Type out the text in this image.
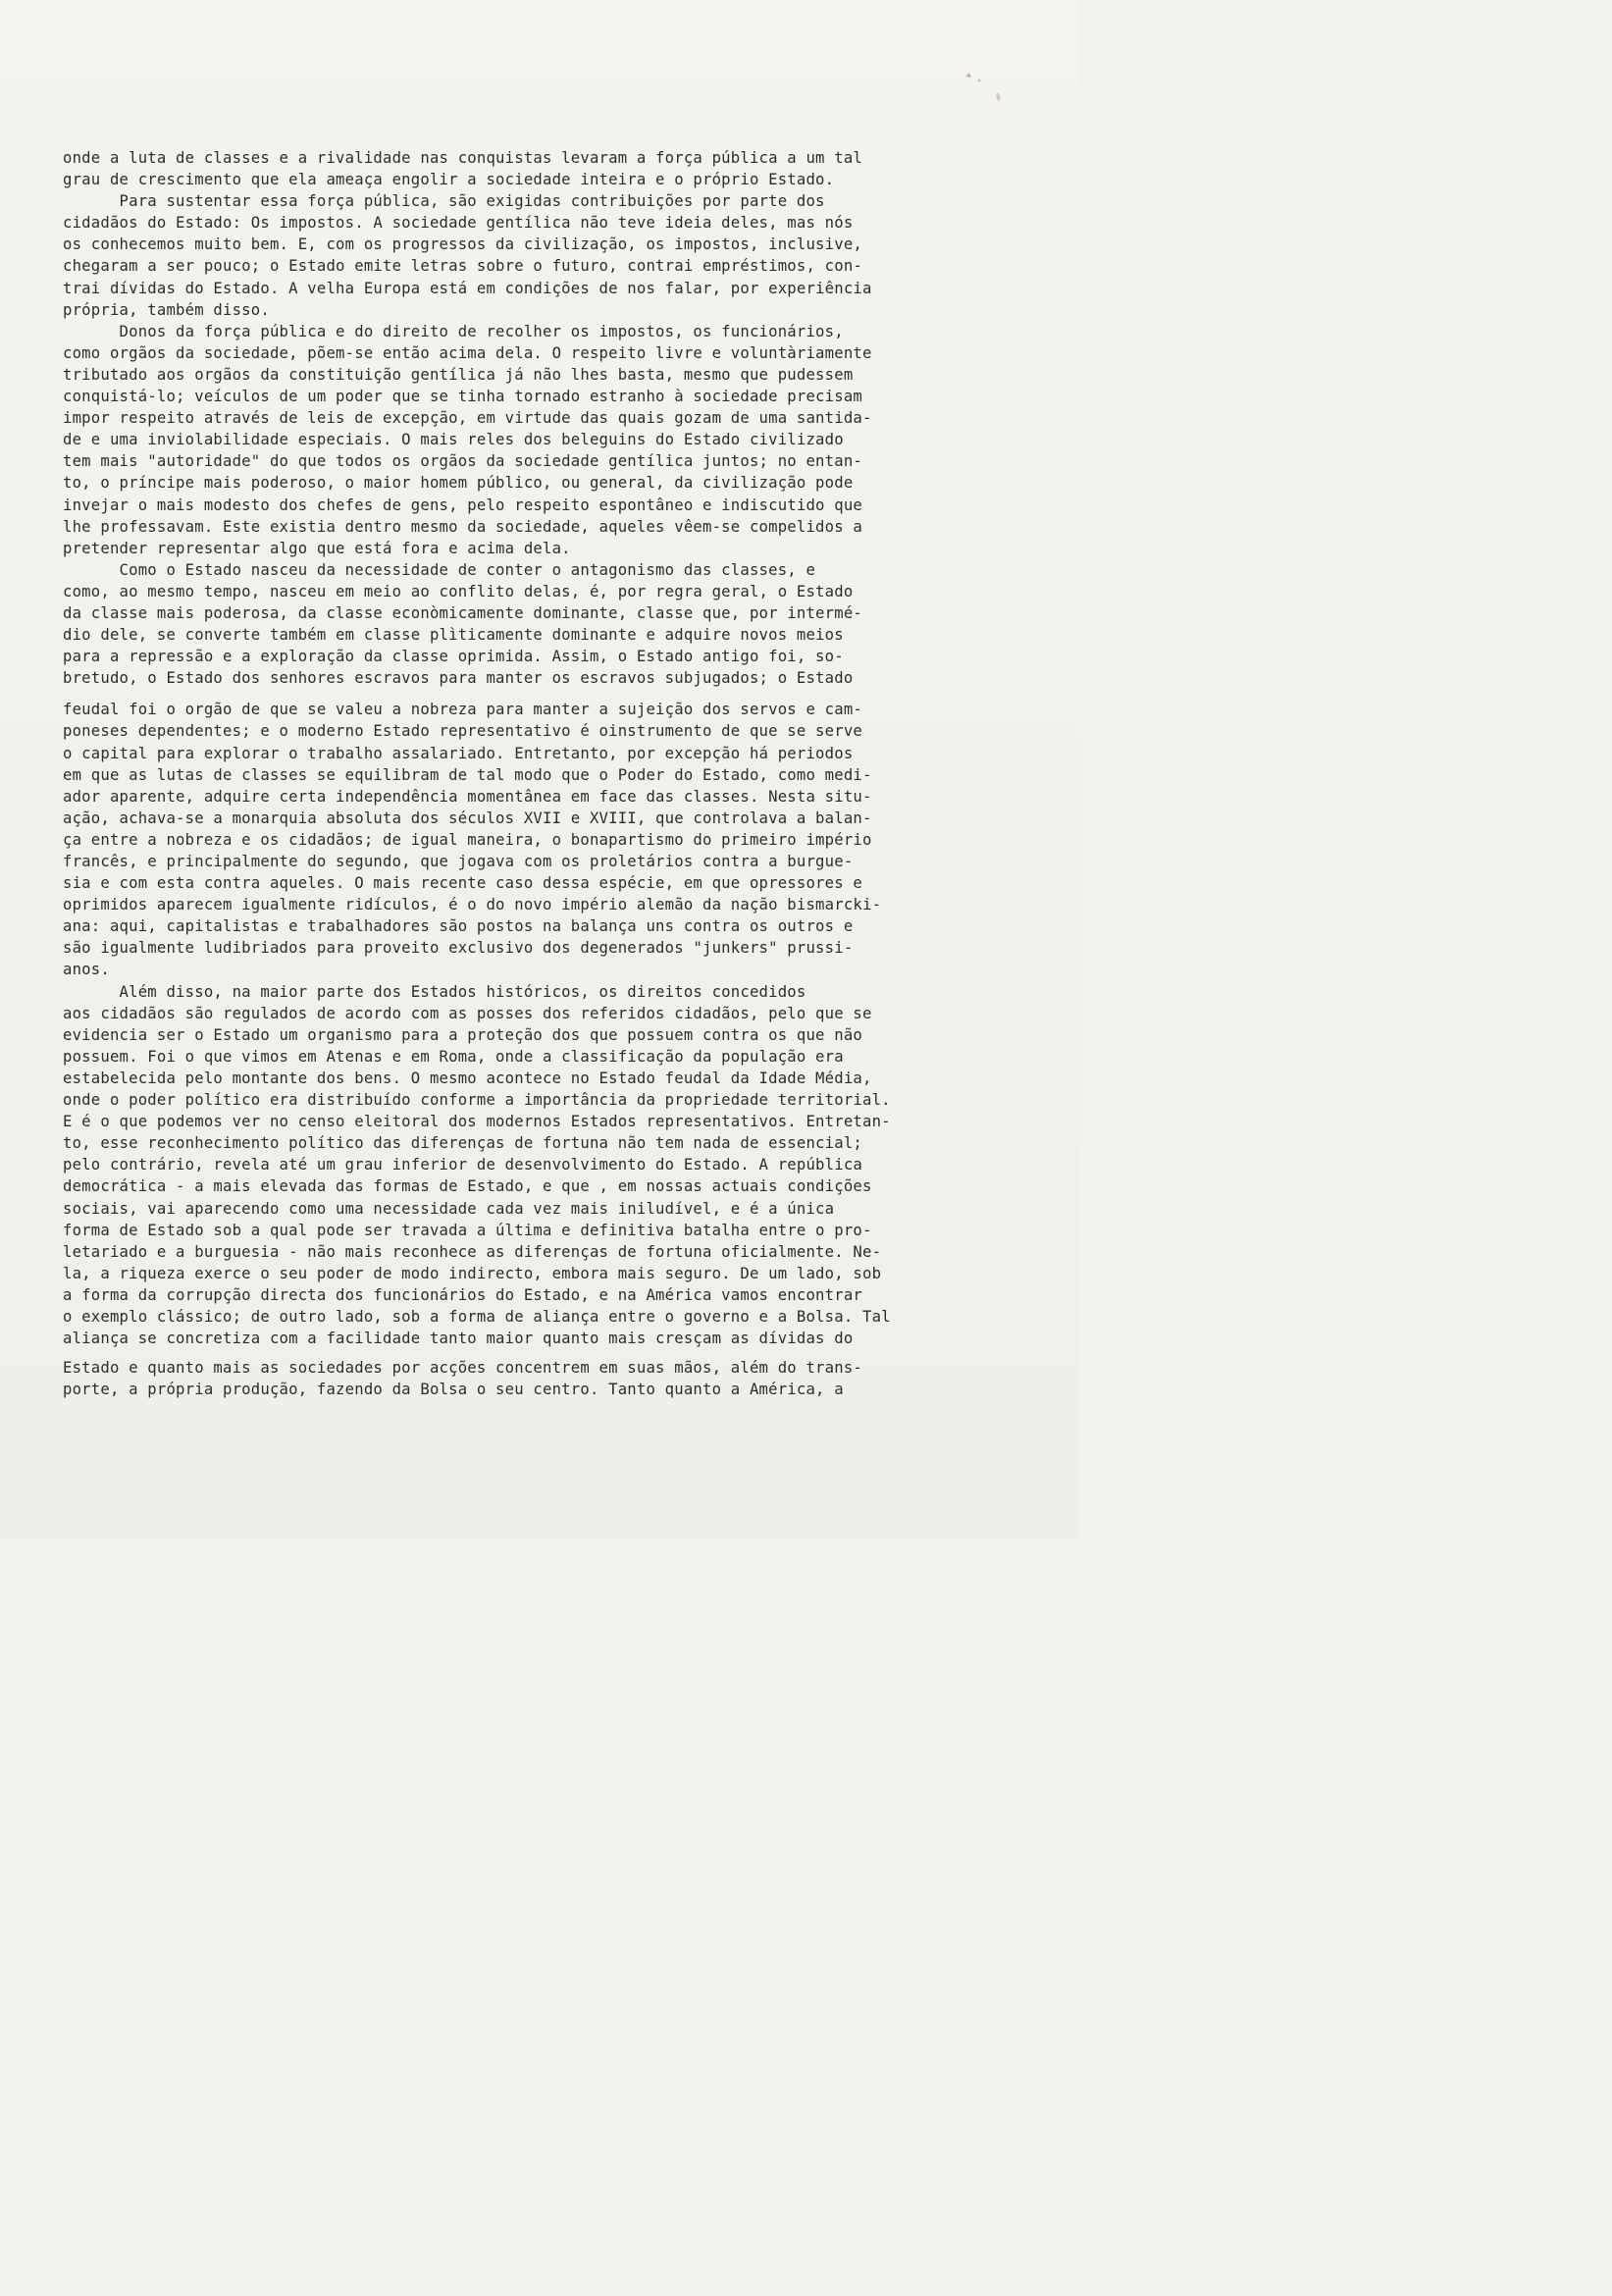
onde a luta de classes e a rivalidade nas conquistas levaram a força pública a um tal
grau de crescimento que ela ameaça engolir a sociedade inteira e o próprio Estado.
Para sustentar essa força pública, são exigidas contribuições por parte dos
cidadãos do Estado: Os impostos. A sociedade gentílica não teve ideia deles, mas nós
os conhecemos muito bem. E, com os progressos da civilização, os impostos, inclusive,
chegaram a ser pouco; o Estado emite letras sobre o futuro, contrai empréstimos, con-
trai dívidas do Estado. A velha Europa está em condições de nos falar, por experiência
própria, também disso.
Donos da força pública e do direito de recolher os impostos, os funcionários,
como orgãos da sociedade, põem-se então acima dela. O respeito livre e voluntàriamente
tributado aos orgãos da constituição gentílica já não lhes basta, mesmo que pudessem
conquistá-lo; veículos de um poder que se tinha tornado estranho à sociedade precisam
impor respeito através de leis de excepção, em virtude das quais gozam de uma santida-
de e uma inviolabilidade especiais. O mais reles dos beleguins do Estado civilizado
tem mais "autoridade" do que todos os orgãos da sociedade gentílica juntos; no entan-
to, o príncipe mais poderoso, o maior homem público, ou general, da civilização pode
invejar o mais modesto dos chefes de gens, pelo respeito espontâneo e indiscutido que
lhe professavam. Este existia dentro mesmo da sociedade, aqueles vêem-se compelidos a
pretender representar algo que está fora e acima dela.
Como o Estado nasceu da necessidade de conter o antagonismo das classes, e
como, ao mesmo tempo, nasceu em meio ao conflito delas, é, por regra geral, o Estado
da classe mais poderosa, da classe econòmicamente dominante, classe que, por intermé-
dio dele, se converte também em classe plìticamente dominante e adquire novos meios
para a repressão e a exploração da classe oprimida. Assim, o Estado antigo foi, so-
bretudo, o Estado dos senhores escravos para manter os escravos subjugados; o Estado
feudal foi o orgão de que se valeu a nobreza para manter a sujeição dos servos e cam-
poneses dependentes; e o moderno Estado representativo é oinstrumento de que se serve
o capital para explorar o trabalho assalariado. Entretanto, por excepção há periodos
em que as lutas de classes se equilibram de tal modo que o Poder do Estado, como medi-
ador aparente, adquire certa independência momentânea em face das classes. Nesta situ-
ação, achava-se a monarquia absoluta dos séculos XVII e XVIII, que controlava a balan-
ça entre a nobreza e os cidadãos; de igual maneira, o bonapartismo do primeiro império
francês, e principalmente do segundo, que jogava com os proletários contra a burgue-
sia e com esta contra aqueles. O mais recente caso dessa espécie, em que opressores e
oprimidos aparecem igualmente ridículos, é o do novo império alemão da nação bismarcki-
ana: aqui, capitalistas e trabalhadores são postos na balança uns contra os outros e
são igualmente ludibriados para proveito exclusivo dos degenerados "junkers" prussi-
anos.
Além disso, na maior parte dos Estados históricos, os direitos concedidos
aos cidadãos são regulados de acordo com as posses dos referidos cidadãos, pelo que se
evidencia ser o Estado um organismo para a proteção dos que possuem contra os que não
possuem. Foi o que vimos em Atenas e em Roma, onde a classificação da população era
estabelecida pelo montante dos bens. O mesmo acontece no Estado feudal da Idade Média,
onde o poder político era distribuído conforme a importância da propriedade territorial.
E é o que podemos ver no censo eleitoral dos modernos Estados representativos. Entretan-
to, esse reconhecimento político das diferenças de fortuna não tem nada de essencial;
pelo contrário, revela até um grau inferior de desenvolvimento do Estado. A república
democrática - a mais elevada das formas de Estado, e que , em nossas actuais condições
sociais, vai aparecendo como uma necessidade cada vez mais iniludível, e é a única
forma de Estado sob a qual pode ser travada a última e definitiva batalha entre o pro-
letariado e a burguesia - não mais reconhece as diferenças de fortuna oficialmente. Ne-
la, a riqueza exerce o seu poder de modo indirecto, embora mais seguro. De um lado, sob
a forma da corrupção directa dos funcionários do Estado, e na América vamos encontrar
o exemplo clássico; de outro lado, sob a forma de aliança entre o governo e a Bolsa. Tal
aliança se concretiza com a facilidade tanto maior quanto mais cresçam as dívidas do
Estado e quanto mais as sociedades por acções concentrem em suas mãos, além do trans-
porte, a própria produção, fazendo da Bolsa o seu centro. Tanto quanto a América, a
